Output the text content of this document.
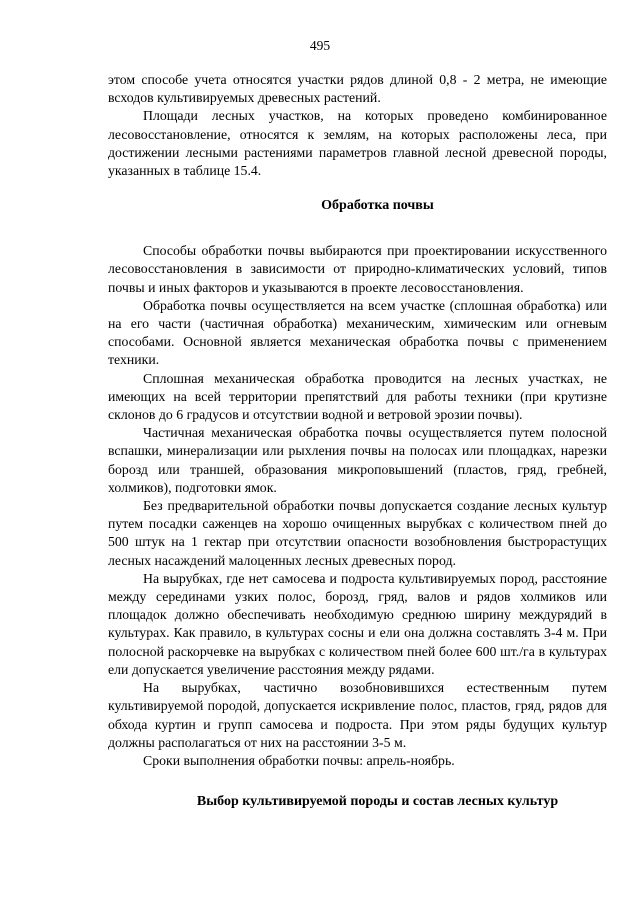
495

этом способе учета относятся участки рядов длиной 0,8 - 2 метра, не имеющие всходов культивируемых древесных растений.

Площади лесных участков, на которых проведено комбинированное лесовосстановление, относятся к землям, на которых расположены леса, при достижении лесными растениями параметров главной лесной древесной породы, указанных в таблице 15.4.

Обработка почвы

Способы обработки почвы выбираются при проектировании искусственного лесовосстановления в зависимости от природно-климатических условий, типов почвы и иных факторов и указываются в проекте лесовосстановления.

Обработка почвы осуществляется на всем участке (сплошная обработка) или на его части (частичная обработка) механическим, химическим или огневым способами. Основной является механическая обработка почвы с применением техники.

Сплошная механическая обработка проводится на лесных участках, не имеющих на всей территории препятствий для работы техники (при крутизне склонов до 6 градусов и отсутствии водной и ветровой эрозии почвы).

Частичная механическая обработка почвы осуществляется путем полосной вспашки, минерализации или рыхления почвы на полосах или площадках, нарезки борозд или траншей, образования микроповышений (пластов, гряд, гребней, холмиков), подготовки ямок.

Без предварительной обработки почвы допускается создание лесных культур путем посадки саженцев на хорошо очищенных вырубках с количеством пней до 500 штук на 1 гектар при отсутствии опасности возобновления быстрорастущих лесных насаждений малоценных лесных древесных пород.

На вырубках, где нет самосева и подроста культивируемых пород, расстояние между серединами узких полос, борозд, гряд, валов и рядов холмиков или площадок должно обеспечивать необходимую среднюю ширину междурядий в культурах. Как правило, в культурах сосны и ели она должна составлять 3-4 м. При полосной раскорчевке на вырубках с количеством пней более 600 шт./га в культурах ели допускается увеличение расстояния между рядами.

На вырубках, частично возобновившихся естественным путем культивируемой породой, допускается искривление полос, пластов, гряд, рядов для обхода куртин и групп самосева и подроста. При этом ряды будущих культур должны располагаться от них на расстоянии 3-5 м.

Сроки выполнения обработки почвы: апрель-ноябрь.

Выбор культивируемой породы и состав лесных культур
